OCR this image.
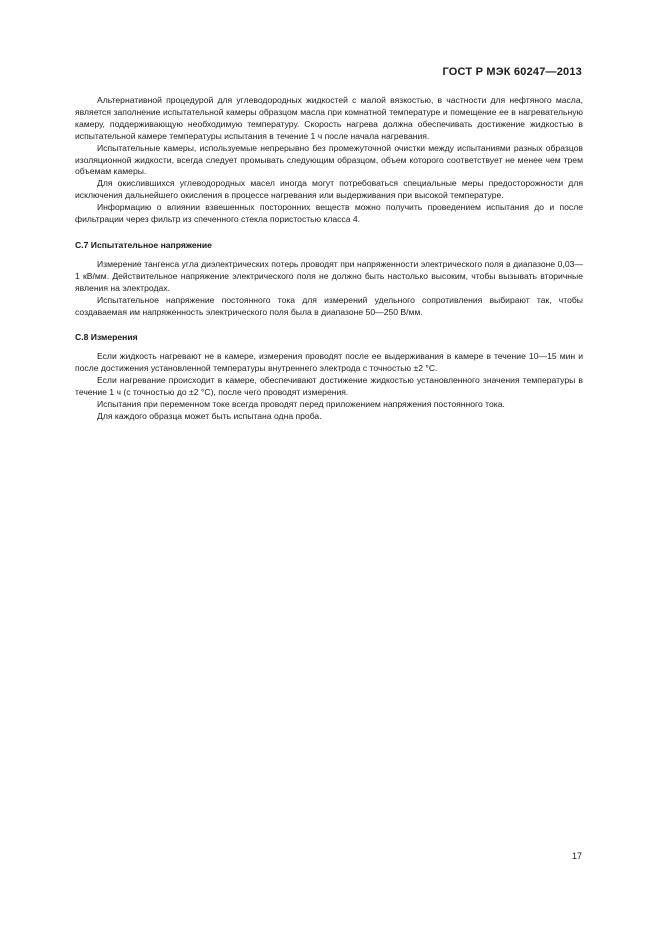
ГОСТ Р МЭК 60247—2013

Альтернативной процедурой для углеводородных жидкостей с малой вязкостью, в частности для нефтяного масла, является заполнение испытательной камеры образцом масла при комнатной температуре и помещение ее в нагревательную камеру, поддерживающую необходимую температуру. Скорость нагрева должна обеспечивать достижение жидкостью в испытательной камере температуры испытания в течение 1 ч после начала нагревания.

Испытательные камеры, используемые непрерывно без промежуточной очистки между испытаниями разных образцов изоляционной жидкости, всегда следует промывать следующим образцом, объем которого соответствует не менее чем трем объемам камеры.

Для окислившихся углеводородных масел иногда могут потребоваться специальные меры предосторожности для исключения дальнейшего окисления в процессе нагревания или выдерживания при высокой температуре.

Информацию о влиянии взвешенных посторонних веществ можно получить проведением испытания до и после фильтрации через фильтр из спеченного стекла пористостью класса 4.

С.7 Испытательное напряжение

Измерение тангенса угла диэлектрических потерь проводят при напряженности электрического поля в диапазоне 0,03—1 кВ/мм. Действительное напряжение электрического поля не должно быть настолько высоким, чтобы вызывать вторичные явления на электродах.

Испытательное напряжение постоянного тока для измерений удельного сопротивления выбирают так, чтобы создаваемая им напряженность электрического поля была в диапазоне 50—250 В/мм.

С.8 Измерения

Если жидкость нагревают не в камере, измерения проводят после ее выдерживания в камере в течение 10—15 мин и после достижения установленной температуры внутреннего электрода с точностью ±2 °С.

Если нагревание происходит в камере, обеспечивают достижение жидкостью установленного значения температуры в течение 1 ч (с точностью до ±2 °С), после чего проводят измерения.

Испытания при переменном токе всегда проводят перед приложением напряжения постоянного тока.

Для каждого образца может быть испытана одна проба.

17
